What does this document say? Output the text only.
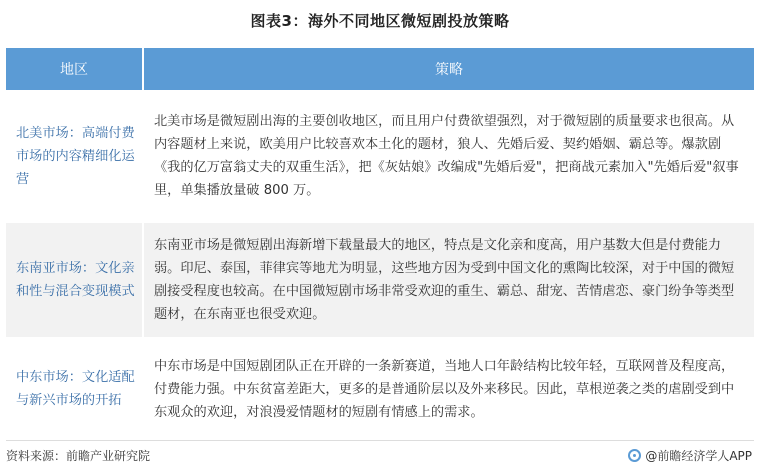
图表3：海外不同地区微短剧投放策略
地区	策略
北美市场：高端付费市场的内容精细化运营	北美市场是微短剧出海的主要创收地区，而且用户付费欲望强烈，对于微短剧的质量要求也很高。从内容题材上来说，欧美用户比较喜欢本土化的题材，狼人、先婚后爱、契约婚姻、霸总等。爆款剧《我的亿万富翁丈夫的双重生活》，把《灰姑娘》改编成"先婚后爱"，把商战元素加入"先婚后爱"叙事里，单集播放量破 800 万。
东南亚市场：文化亲和性与混合变现模式	东南亚市场是微短剧出海新增下载量最大的地区，特点是文化亲和度高，用户基数大但是付费能力弱。印尼、泰国，菲律宾等地尤为明显，这些地方因为受到中国文化的熏陶比较深，对于中国的微短剧接受程度也较高。在中国微短剧市场非常受欢迎的重生、霸总、甜宠、苦情虐恋、豪门纷争等类型题材，在东南亚也很受欢迎。
中东市场：文化适配与新兴市场的开拓	中东市场是中国短剧团队正在开辟的一条新赛道，当地人口年龄结构比较年轻，互联网普及程度高，付费能力强。中东贫富差距大，更多的是普通阶层以及外来移民。因此，草根逆袭之类的虐剧受到中东观众的欢迎，对浪漫爱情题材的短剧有情感上的需求。
资料来源：前瞻产业研究院	@前瞻经济学人APP
